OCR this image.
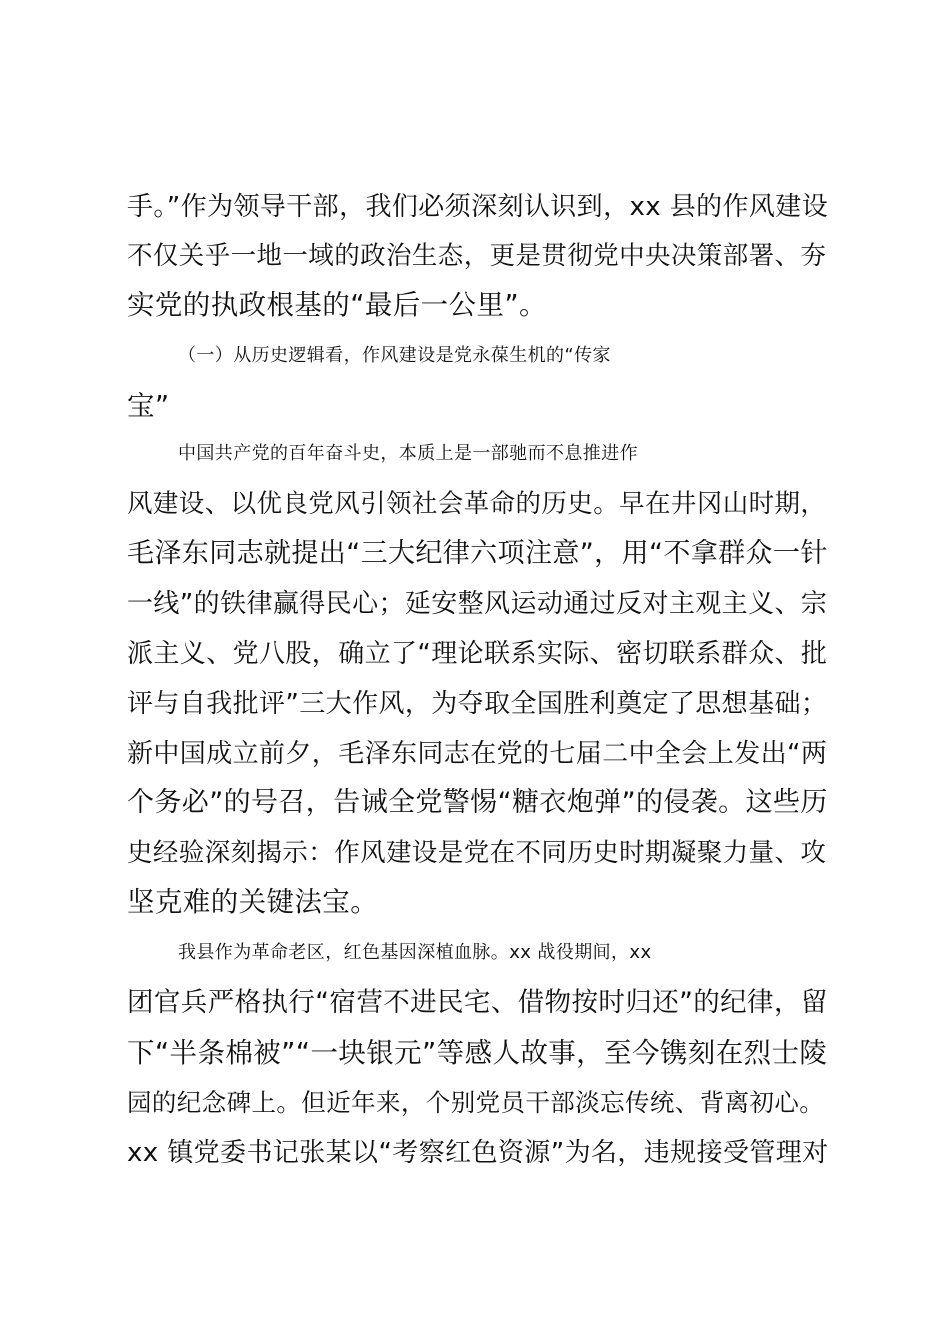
手。”作为领导干部，我们必须深刻认识到，xx 县的作风建设
不仅关乎一地一域的政治生态，更是贯彻党中央决策部署、夯
实党的执政根基的“最后一公里”。
（一）从历史逻辑看，作风建设是党永葆生机的“传家
宝”
中国共产党的百年奋斗史，本质上是一部驰而不息推进作
风建设、以优良党风引领社会革命的历史。早在井冈山时期，
毛泽东同志就提出“三大纪律六项注意”，用“不拿群众一针
一线”的铁律赢得民心；延安整风运动通过反对主观主义、宗
派主义、党八股，确立了“理论联系实际、密切联系群众、批
评与自我批评”三大作风，为夺取全国胜利奠定了思想基础；
新中国成立前夕，毛泽东同志在党的七届二中全会上发出“两
个务必”的号召，告诫全党警惕“糖衣炮弹”的侵袭。这些历
史经验深刻揭示：作风建设是党在不同历史时期凝聚力量、攻
坚克难的关键法宝。
我县作为革命老区，红色基因深植血脉。xx 战役期间，xx
团官兵严格执行“宿营不进民宅、借物按时归还”的纪律，留
下“半条棉被”“一块银元”等感人故事，至今镌刻在烈士陵
园的纪念碑上。但近年来，个别党员干部淡忘传统、背离初心。
xx 镇党委书记张某以“考察红色资源”为名，违规接受管理对
